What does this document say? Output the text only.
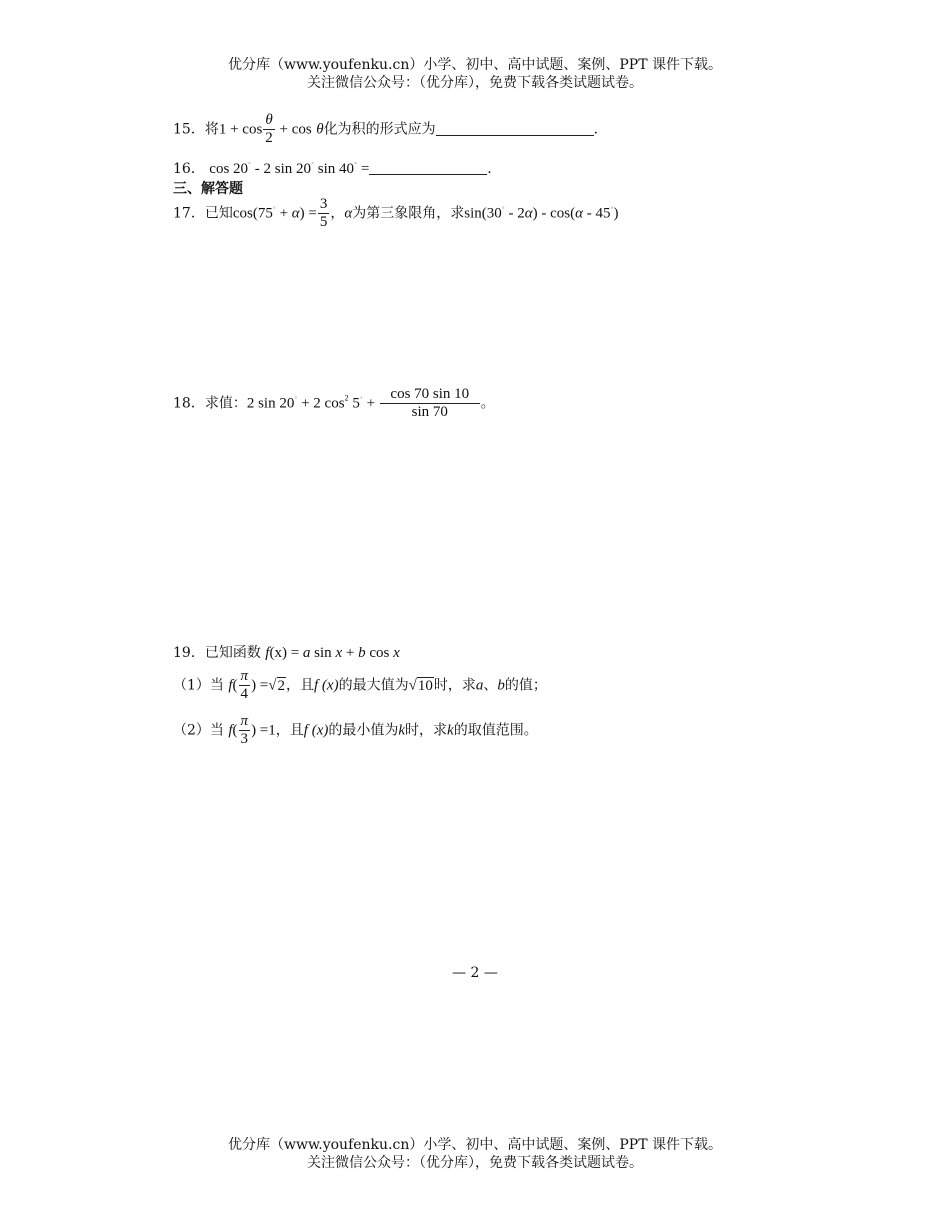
优分库（www.youfenku.cn）小学、初中、高中试题、案例、PPT 课件下载。
关注微信公众号：（优分库），免费下载各类试题试卷。
15．将$1 + \cos \frac{\theta}{2} + \cos \theta$化为积的形式应为	.
16． cos 20° - 2 sin 20° sin 40° =	.
三、解答题
17．已知$\cos(75^\circ + \alpha) = \frac{3}{5}$ ，α为第三象限角，求sin(30° - 2α) - cos(α - 45°)
18．求值：2 sin 20° + 2 $\cos^2 5^\circ + \frac{\cos 70 \sin 10}{\sin 70}$ 。
19．已知函数 f(x) = a sin x + b cos x
（1）当 $f( \frac{\pi}{4}$ ) =√2，且f (x)的最大值为√10时，求a、b的值；
（2）当 $f( \frac{\pi}{3}$ ) =1，且f (x)的最小值为k时，求k的取值范围。
— 2 —
优分库（www.youfenku.cn）小学、初中、高中试题、案例、PPT 课件下载。
关注微信公众号：（优分库），免费下载各类试题试卷。
